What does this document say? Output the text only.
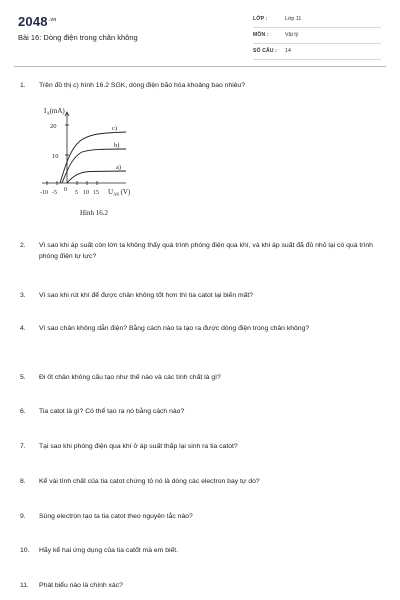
$2048^{.vn}$
Bài 16: Dòng điện trong chân không
LỚP :	Lớp 11
MÔN :	Vật lý
SỐ CÂU : 14
1.	Trên đồ thị c) hình 16.2 SGK, dòng điện bão hòa khoảng bao nhiêu?
$I_A(mA)$
20
10
a)
b)
c)
-10 -5 0 5 10 15 $U_{AK}(V)$
Hình 16.2
2.	Vì sao khi áp suất còn lớn ta không thấy quá trình phóng điện qua khí, và khi áp suất đã đủ nhỏ lại có quá trình phóng điện tự lực?
3.	Vì sao khi rút khí để được chân không tốt hơn thì tia catot lại biến mất?
4.	Vì sao chân không dẫn điện? Bằng cách nào ta tạo ra được dòng điện trong chân không?
5.	Đi ốt chân không cấu tạo như thế nào và các tính chất là gì?
6.	Tia catot là gì? Có thể tạo ra nó bằng cách nào?
7.	Tại sao khi phóng điện qua khí ở áp suất thấp lại sinh ra tia catot?
8.	Kể vài tính chất của tia catot chứng tỏ nó là dòng các electron bay tự do?
9.	Súng electron tạo ta tia catot theo nguyên tắc nào?
10.	Hãy kể hai ứng dụng của tia catốt mà em biết.
11.	Phát biểu nào là chính xác?
